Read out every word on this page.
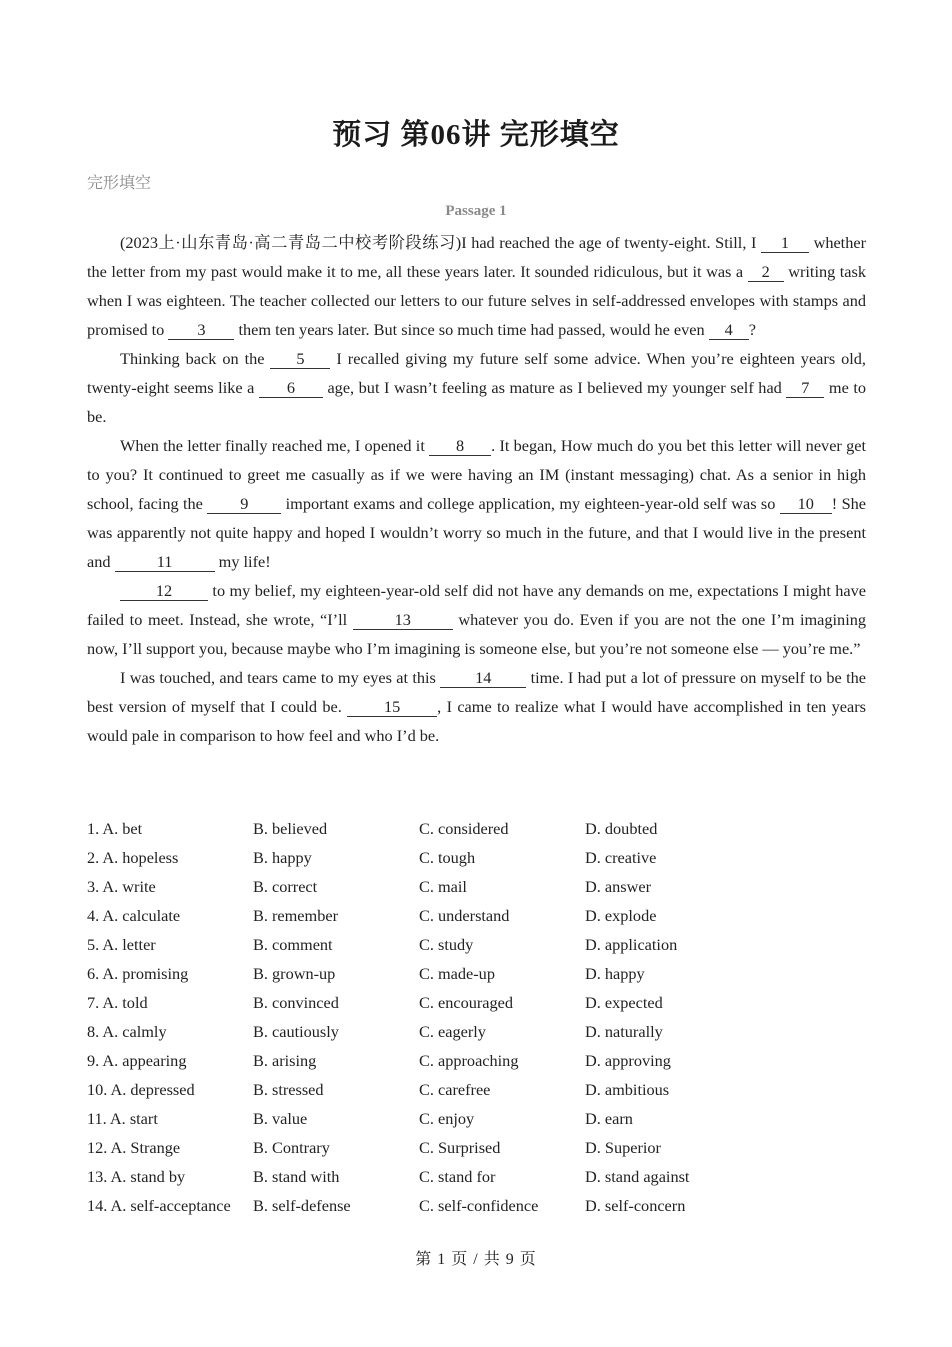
预习 第06讲 完形填空
完形填空
Passage 1

(2023上·山东青岛·高二青岛二中校考阶段练习)I had reached the age of twenty-eight. Still, I 1 whether the letter from my past would make it to me, all these years later. It sounded ridiculous, but it was a 2 writing task when I was eighteen. The teacher collected our letters to our future selves in self-addressed envelopes with stamps and promised to 3 them ten years later. But since so much time had passed, would he even 4 ?

Thinking back on the 5 I recalled giving my future self some advice. When you’re eighteen years old, twenty-eight seems like a 6 age, but I wasn’t feeling as mature as I believed my younger self had 7 me to be.

When the letter finally reached me, I opened it 8 . It began, How much do you bet this letter will never get to you? It continued to greet me casually as if we were having an IM (instant messaging) chat. As a senior in high school, facing the 9 important exams and college application, my eighteen-year-old self was so 10 ! She was apparently not quite happy and hoped I wouldn’t worry so much in the future, and that I would live in the present and	11	my life!

12 to my belief, my eighteen-year-old self did not have any demands on me, expectations I might have failed to meet. Instead, she wrote, “I’ll	13	whatever you do. Even if you are not the one I’m imagining now, I’ll support you, because maybe who I’m imagining is someone else, but you’re not someone else — you’re me.”

I was touched, and tears came to my eyes at this 14 time. I had put a lot of pressure on myself to be the best version of myself that I could be. 15 , I came to realize what I would have accomplished in ten years would pale in comparison to how feel and who I’d be.

1. A. bet	B. believed	C. considered	D. doubted
2. A. hopeless	B. happy	C. tough	D. creative
3. A. write	B. correct	C. mail	D. answer
4. A. calculate	B. remember	C. understand	D. explode
5. A. letter	B. comment	C. study	D. application
6. A. promising	B. grown-up	C. made-up	D. happy
7. A. told	B. convinced	C. encouraged	D. expected
8. A. calmly	B. cautiously	C. eagerly	D. naturally
9. A. appearing	B. arising	C. approaching	D. approving
10. A. depressed	B. stressed	C. carefree	D. ambitious
11. A. start	B. value	C. enjoy	D. earn
12. A. Strange	B. Contrary	C. Surprised	D. Superior
13. A. stand by	B. stand with	C. stand for	D. stand against
14. A. self-acceptance	B. self-defense	C. self-confidence	D. self-concern
第 1 页 / 共 9 页
